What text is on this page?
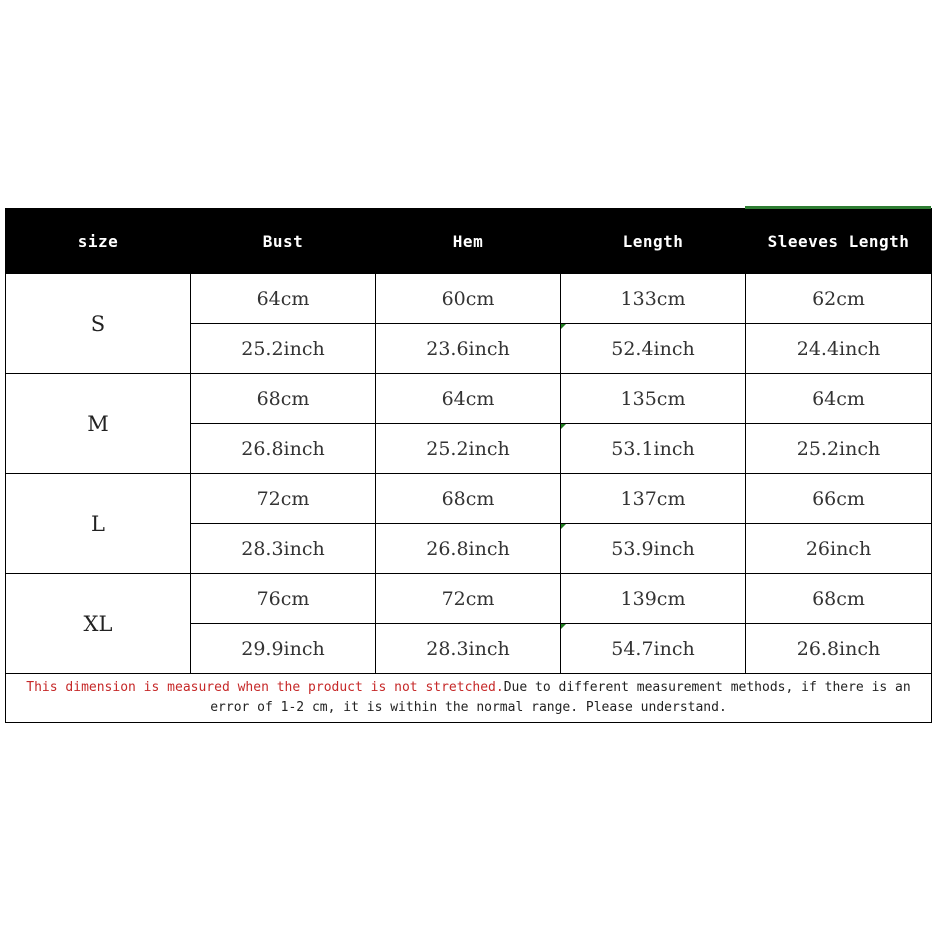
size	Bust	Hem	Length	Sleeves Length
S	64cm	60cm	133cm	62cm
	25.2inch	23.6inch	52.4inch	24.4inch
M	68cm	64cm	135cm	64cm
	26.8inch	25.2inch	53.1inch	25.2inch
L	72cm	68cm	137cm	66cm
	28.3inch	26.8inch	53.9inch	26inch
XL	76cm	72cm	139cm	68cm
	29.9inch	28.3inch	54.7inch	26.8inch
This dimension is measured when the product is not stretched.Due to different measurement methods, if there is an error of 1-2 cm, it is within the normal range. Please understand.				
